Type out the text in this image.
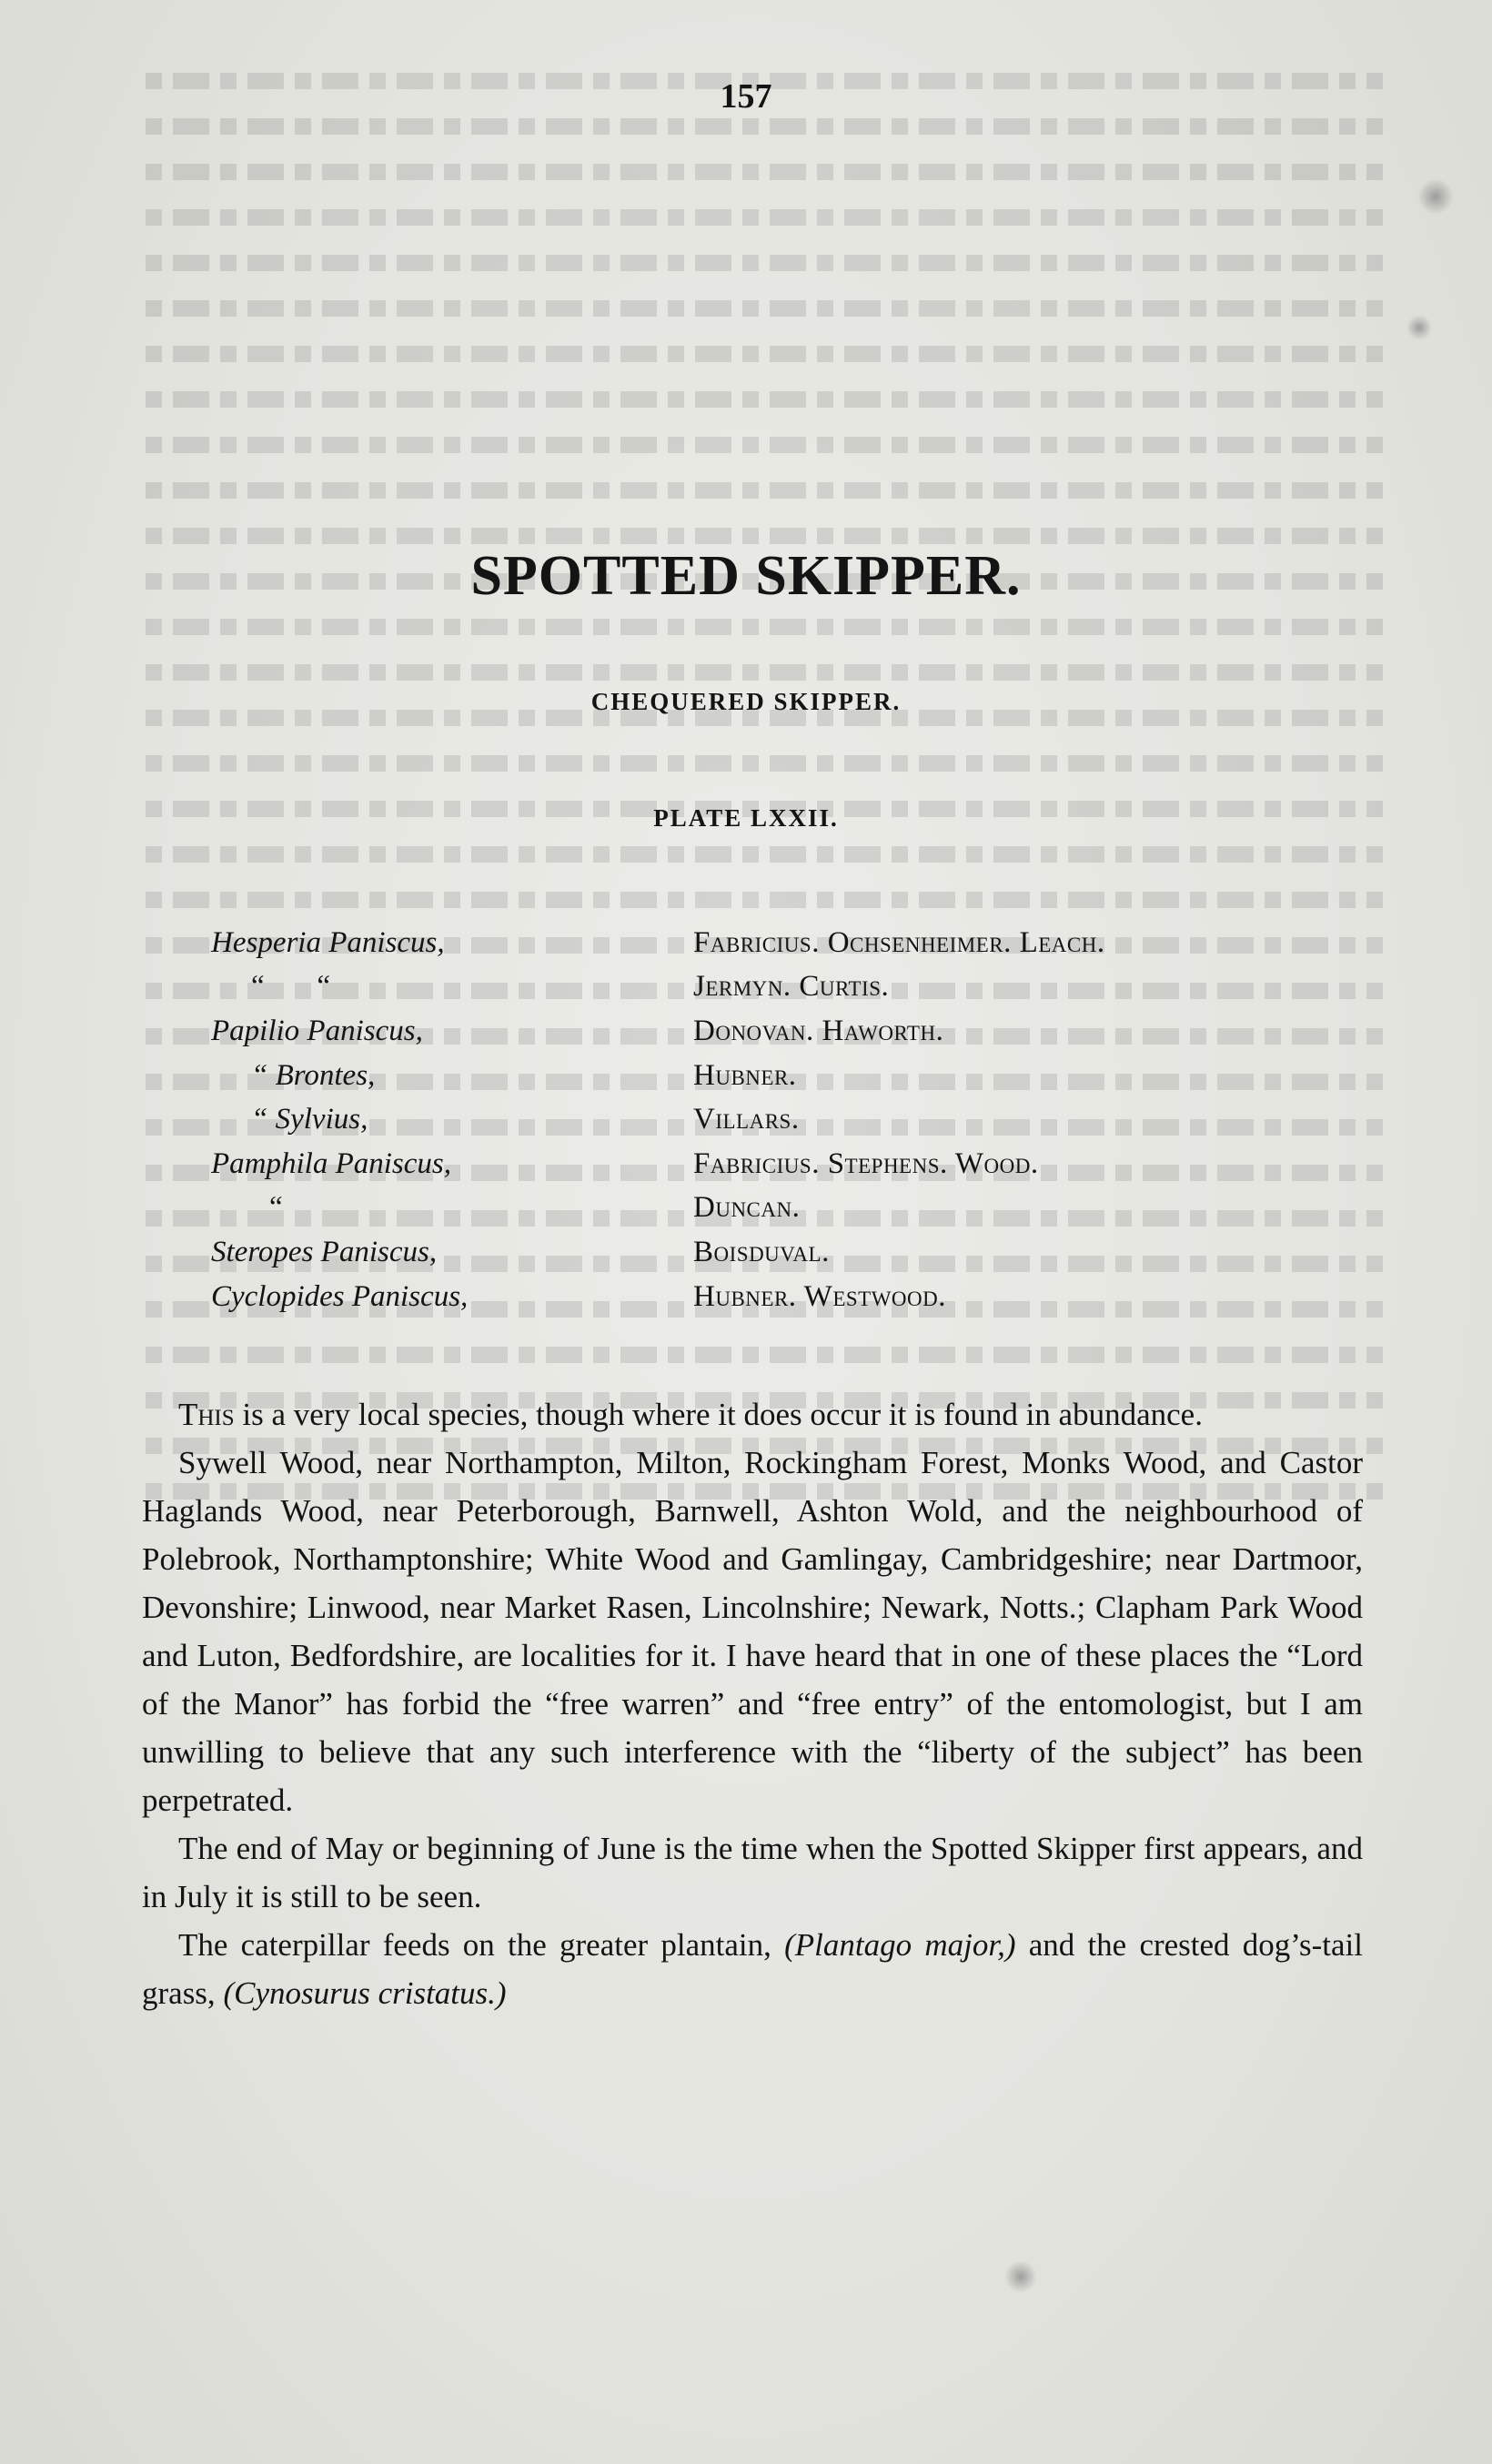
157
SPOTTED SKIPPER.
CHEQUERED SKIPPER.
PLATE LXXII.
Hesperia Paniscus,	Fabricius. Ochsenheimer. Leach.
“       “	Jermyn. Curtis.
Papilio Paniscus,	Donovan. Haworth.
“ Brontes,	Hubner.
“ Sylvius,	Villars.
Pamphila Paniscus,	Fabricius. Stephens. Wood.
“	Duncan.
Steropes Paniscus,	Boisduval.
Cyclopides Paniscus,	Hubner. Westwood.

This is a very local species, though where it does occur it is found in abundance.

Sywell Wood, near Northampton, Milton, Rockingham Forest, Monks Wood, and Castor Haglands Wood, near Peterborough, Barnwell, Ashton Wold, and the neighbourhood of Polebrook, Northamptonshire; White Wood and Gamlingay, Cambridgeshire; near Dartmoor, Devonshire; Linwood, near Market Rasen, Lincolnshire; Newark, Notts.; Clapham Park Wood and Luton, Bedfordshire, are localities for it. I have heard that in one of these places the “Lord of the Manor” has forbid the “free warren” and “free entry” of the entomologist, but I am unwilling to believe that any such interference with the “liberty of the subject” has been perpetrated.

The end of May or beginning of June is the time when the Spotted Skipper first appears, and in July it is still to be seen.

The caterpillar feeds on the greater plantain, (Plantago major,) and the crested dog’s-tail grass, (Cynosurus cristatus.)
